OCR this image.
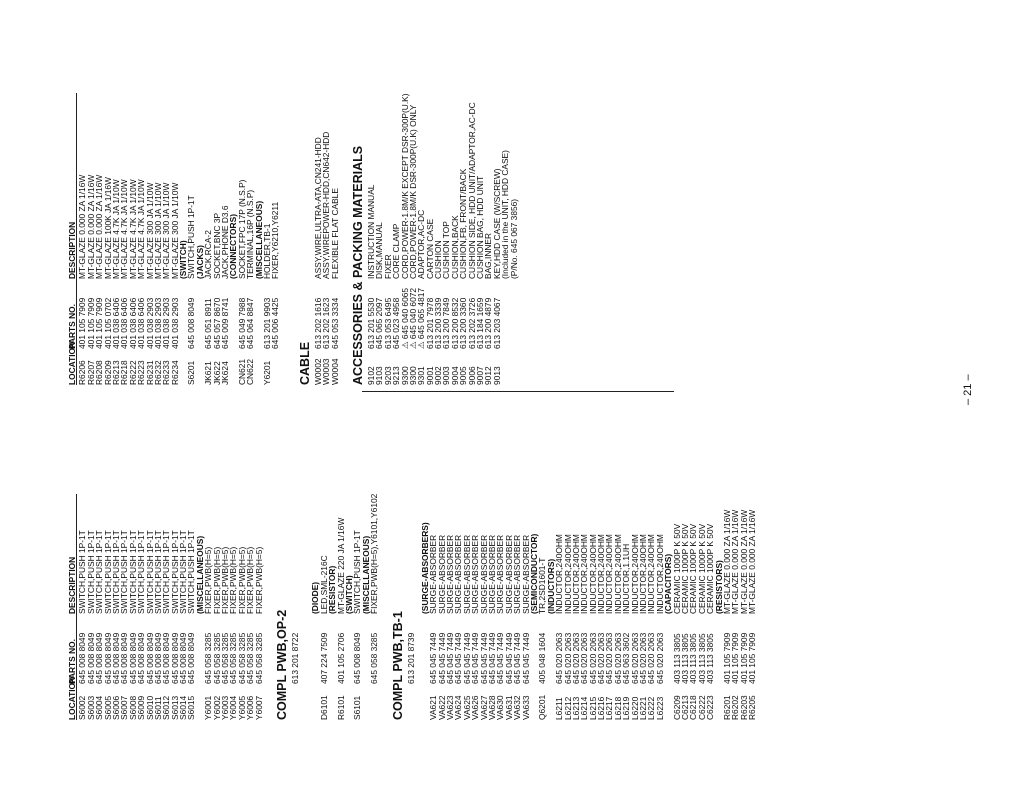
LOCATION
PARTS NO.
DESCRIPTION
S6002
645 008 8049
SWITCH,PUSH 1P-1T
S6003
645 008 8049
SWITCH,PUSH 1P-1T
S6004
645 008 8049
SWITCH,PUSH 1P-1T
S6005
645 008 8049
SWITCH,PUSH 1P-1T
S6006
645 008 8049
SWITCH,PUSH 1P-1T
S6007
645 008 8049
SWITCH,PUSH 1P-1T
S6008
645 008 8049
SWITCH,PUSH 1P-1T
S6009
645 008 8049
SWITCH,PUSH 1P-1T
S6010
645 008 8049
SWITCH,PUSH 1P-1T
S6011
645 008 8049
SWITCH,PUSH 1P-1T
S6012
645 008 8049
SWITCH,PUSH 1P-1T
S6013
645 008 8049
SWITCH,PUSH 1P-1T
S6014
645 008 8049
SWITCH,PUSH 1P-1T
S6015
645 008 8049
SWITCH,PUSH 1P-1T
(MISCELLANEOUS)
Y6001
645 058 3285
FIXER,PWB(H=5)
Y6002
645 058 3285
FIXER,PWB(H=5)
Y6003
645 058 3285
FIXER,PWB(H=5)
Y6004
645 058 3285
FIXER,PWB(H=5)
Y6005
645 058 3285
FIXER,PWB(H=5)
Y6006
645 058 3285
FIXER,PWB(H=5)
Y6007
645 058 3285
FIXER,PWB(H=5)
COMPL PWB,OP-2 613 201 8722
(DIODE)
D6101
407 224 7509
LED,SML-216C
(RESISTOR)
R6101
401 105 2706
MT-GLAZE 220 JA 1/16W
(SWITCH)
S6101
645 008 8049
SWITCH,PUSH 1P-1T
(MISCELLANEOUS)
645 058 3285
FIXER,PWB(H=5),Y6101,Y6102
COMPL PWB,TB-1 613 201 8739
(SURGE-ABSORBERS)
VA621
645 045 7449
SURGE-ABSORBER
VA622
645 045 7449
SURGE-ABSORBER
VA623
645 045 7449
SURGE-ABSORBER
VA624
645 045 7449
SURGE-ABSORBER
VA625
645 045 7449
SURGE-ABSORBER
VA626
645 045 7449
SURGE-ABSORBER
VA627
645 045 7449
SURGE-ABSORBER
VA628
645 045 7449
SURGE-ABSORBER
VA630
645 045 7449
SURGE-ABSORBER
VA631
645 045 7449
SURGE-ABSORBER
VA632
645 045 7449
SURGE-ABSORBER
VA633
645 045 7449
SURGE-ABSORBER
(SEMICONDUCTOR)
Q6201
405 048 1604
TR,2SD1601-T
(INDUCTORS)
L6211
645 020 2063
INDUCTOR,240OHM
L6212
645 020 2063
INDUCTOR,240OHM
L6213
645 020 2063
INDUCTOR,240OHM
L6214
645 020 2063
INDUCTOR,240OHM
L6215
645 020 2063
INDUCTOR,240OHM
L6216
645 020 2063
INDUCTOR,240OHM
L6217
645 020 2063
INDUCTOR,240OHM
L6218
645 020 2063
INDUCTOR,240OHM
L6219
645 063 3602
INDUCTOR,1.1UH
L6220
645 020 2063
INDUCTOR,240OHM
L6221
645 020 2063
INDUCTOR,240OHM
L6222
645 020 2063
INDUCTOR,240OHM
L6223
645 020 2063
INDUCTOR,240OHM
(CAPACITORS)
C6209
403 113 3805
CERAMIC 1000P K 50V
C6213
403 113 3805
CERAMIC 1000P K 50V
C6218
403 113 3805
CERAMIC 1000P K 50V
C6222
403 113 3805
CERAMIC 1000P K 50V
C6223
403 113 3805
CERAMIC 1000P K 50V
(RESISTORS)
R6201
401 105 7909
MT-GLAZE 0.000 ZA 1/16W
R6202
401 105 7909
MT-GLAZE 0.000 ZA 1/16W
R6203
401 105 7909
MT-GLAZE 0.000 ZA 1/16W
R6205
401 105 7909
MT-GLAZE 0.000 ZA 1/16W
LOCATION
PARTS NO.
DESCRIPTION
R6206
401 105 7909
MT-GLAZE 0.000 ZA 1/16W
R6207
401 105 7909
MT-GLAZE 0.000 ZA 1/16W
R6208
401 105 7909
MT-GLAZE 0.000 ZA 1/16W
R6209
401 105 0702
MT-GLAZE 100K JA 1/16W
R6213
401 038 6406
MT-GLAZE 4.7K JA 1/10W
R6218
401 038 6406
MT-GLAZE 4.7K JA 1/10W
R6222
401 038 6406
MT-GLAZE 4.7K JA 1/10W
R6223
401 038 6406
MT-GLAZE 4.7K JA 1/10W
R6231
401 038 2903
MT-GLAZE 300 JA 1/10W
R6232
401 038 2903
MT-GLAZE 300 JA 1/10W
R6233
401 038 2903
MT-GLAZE 300 JA 1/10W
R6234
401 038 2903
MT-GLAZE 300 JA 1/10W
(SWITCH)
S6201
645 008 8049
SWITCH,PUSH 1P-1T
(JACKS)
JK621
645 051 8911
JACK,RCA-2
JK622
645 057 8670
SOCKET,BNC 3P
JK624
645 009 8741
JACK,PHONE D3.6
(CONNECTORS)
CN621
645 049 7988
SOCKET,FPC 17P (N.S.P)
CN622
645 064 8847
TERMINAL,16P (N.S.P)
(MISCELLANEOUS)
Y6201
613 201 9903
HOLDER,TB-1
645 006 4425
FIXER,Y6210,Y6211
CABLE W0002
613 202 1616
ASSY,WIRE,ULTRA-ATA,CN241-HDD
W0003
613 202 1623
ASSY,WIREPOWER-HDD,CN642-HDD
W0004
645 053 3334
FLEXIBLE FLAT CABLE ACCESSORIES & PACKING MATERIALS 9102
613 201 5530
INSTRUCTION MANUAL
9103
645 065 2097
DISK,MANUAL
9203
613 053 6495
FIXER
9213
645 023 4958
CORE CLAMP
9300
⚠ 645 040 6065
CORD,POWER-1.8M/K EXCEPT DSR-300P(U.K)
9300
⚠ 645 040 6072
CORD,POWER-1.8M/K DSR-300P(U.K) ONLY
9301
⚠ 645 065 4817
ADAPTOR,AC-DC
9001
613 201 7978
CARTON CASE
9002
613 200 3339
CUSHION
9003
613 200 7849
CUSHION TOP
9004
613 200 8532
CUSHION,BACK
9005
613 200 3360
CUSHION,FB, FRONT/BACK
9006
613 202 3726
CUSHION SIDE, HDD UNIT/ADAPTOR,AC-DC
9007
613 184 1659
CUSHION BAG, HDD UNIT
9012
613 200 4879
BAG,INNER
9013
613 203 4067
KEY,HDD CASE (W/SCREW)
(Included in the UNIT, HDD CASE)
(P/No. 645 067 3856)
– 21 –
